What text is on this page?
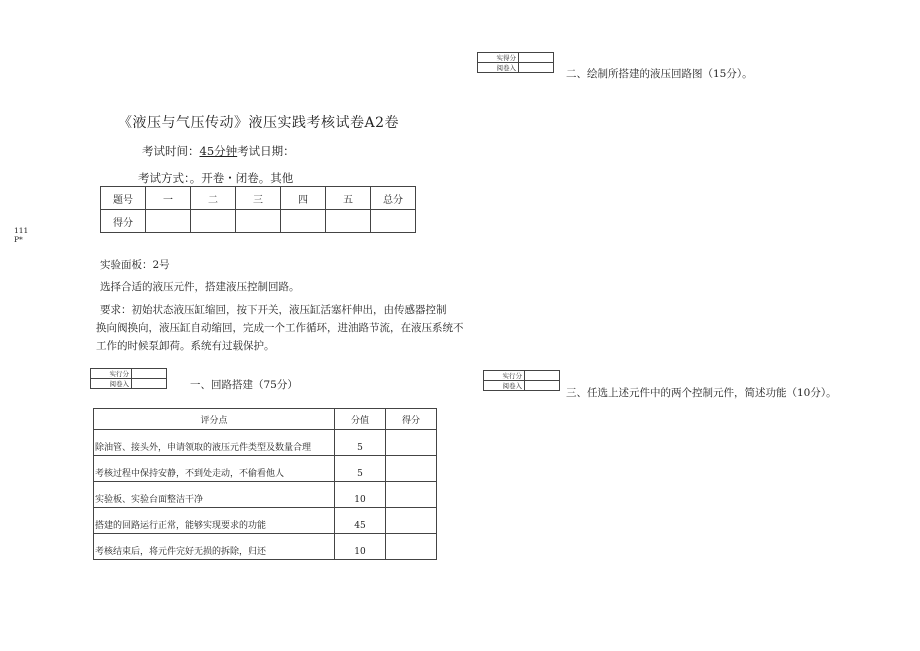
实得分	
阅卷入		二、绘制所搭建的液压回路图（15分）。
《液压与气压传动》液压实践考核试卷A2卷
考试时间：45分钟考试日期：
考试方式：。开卷・闭卷。其他
题号	一	二	三	四	五	总分
得分						
111
P*
实验面板：2号
选择合适的液压元件，搭建液压控制回路。
要求：初始状态液压缸缩回，按下开关，液压缸活塞杆伸出，由传感器控制
换向阀换向，液压缸自动缩回，完成一个工作循环，进油路节流，在液压系统不
工作的时候泵卸荷。系统有过载保护。
实行分	
阅卷入		一、回路搭建（75分）
评分点	分值	得分
除油管、接头外，申请领取的液压元件类型及数量合理	5	
考核过程中保持安静，不到处走动，不偷看他人	5	
实验板、实验台面整洁干净	10	
搭建的回路运行正常，能够实现要求的功能	45	
考核结束后，将元件完好无损的拆除，归还	10	
实行分	
阅卷入	
三、任选上述元件中的两个控制元件，简述功能（10分）。
